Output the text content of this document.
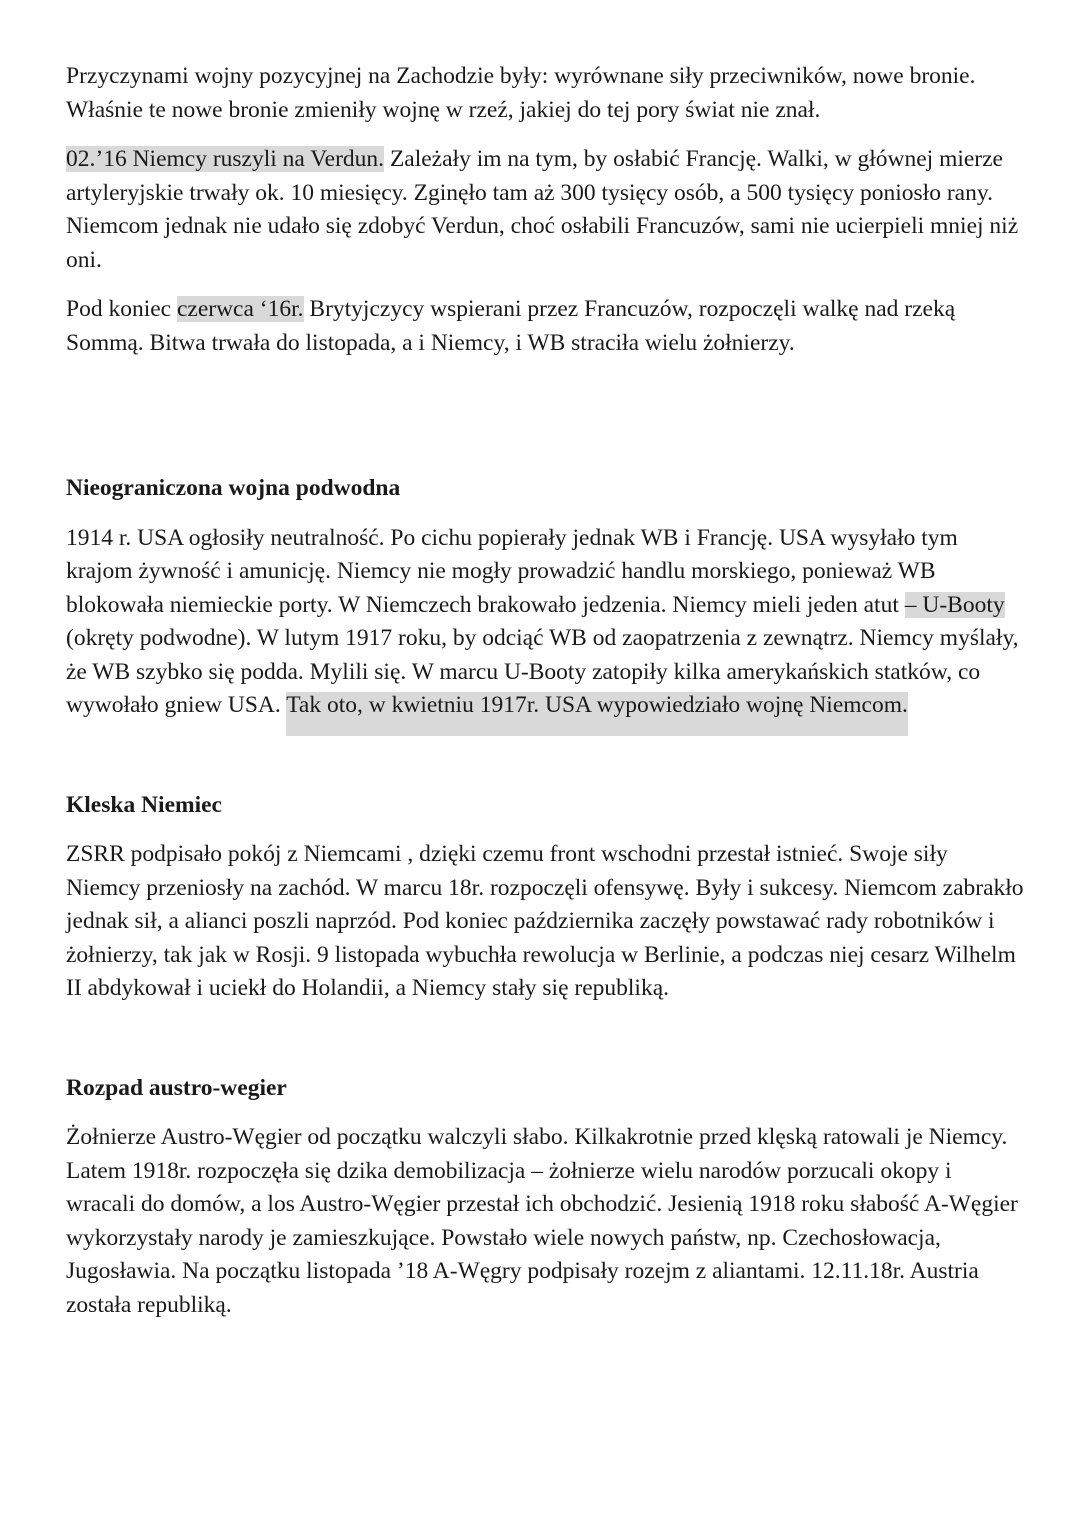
Przyczynami wojny pozycyjnej na Zachodzie były: wyrównane siły przeciwników, nowe bronie. Właśnie te nowe bronie zmieniły wojnę w rzeź, jakiej do tej pory świat nie znał.

02.’16 Niemcy ruszyli na Verdun. Zależały im na tym, by osłabić Francję. Walki, w głównej mierze artyleryjskie trwały ok. 10 miesięcy. Zginęło tam aż 300 tysięcy osób, a 500 tysięcy poniosło rany. Niemcom jednak nie udało się zdobyć Verdun, choć osłabili Francuzów, sami nie ucierpieli mniej niż oni.

Pod koniec czerwca ‘16r. Brytyjczycy wspierani przez Francuzów, rozpoczęli walkę nad rzeką Sommą. Bitwa trwała do listopada, a i Niemcy, i WB straciła wielu żołnierzy.

Nieograniczona wojna podwodna

1914 r. USA ogłosiły neutralność. Po cichu popierały jednak WB i Francję. USA wysyłało tym krajom żywność i amunicję. Niemcy nie mogły prowadzić handlu morskiego, ponieważ WB blokowała niemieckie porty. W Niemczech brakowało jedzenia. Niemcy mieli jeden atut – U-Booty (okręty podwodne). W lutym 1917 roku, by odciąć WB od zaopatrzenia z zewnątrz. Niemcy myślały, że WB szybko się podda. Mylili się. W marcu U-Booty zatopiły kilka amerykańskich statków, co wywołało gniew USA. Tak oto, w kwietniu 1917r. USA wypowiedziało wojnę Niemcom.

Kleska Niemiec

ZSRR podpisało pokój z Niemcami , dzięki czemu front wschodni przestał istnieć. Swoje siły Niemcy przeniosły na zachód. W marcu 18r. rozpoczęli ofensywę. Były i sukcesy. Niemcom zabrakło jednak sił, a alianci poszli naprzód. Pod koniec października zaczęły powstawać rady robotników i żołnierzy, tak jak w Rosji. 9 listopada wybuchła rewolucja w Berlinie, a podczas niej cesarz Wilhelm II abdykował i uciekł do Holandii, a Niemcy stały się republiką.

Rozpad austro-wegier

Żołnierze Austro-Węgier od początku walczyli słabo. Kilkakrotnie przed klęską ratowali je Niemcy. Latem 1918r. rozpoczęła się dzika demobilizacja – żołnierze wielu narodów porzucali okopy i wracali do domów, a los Austro-Węgier przestał ich obchodzić. Jesienią 1918 roku słabość A-Węgier wykorzystały narody je zamieszkujące. Powstało wiele nowych państw, np. Czechosłowacja, Jugosławia. Na początku listopada ’18 A-Węgry podpisały rozejm z aliantami. 12.11.18r. Austria została republiką.
